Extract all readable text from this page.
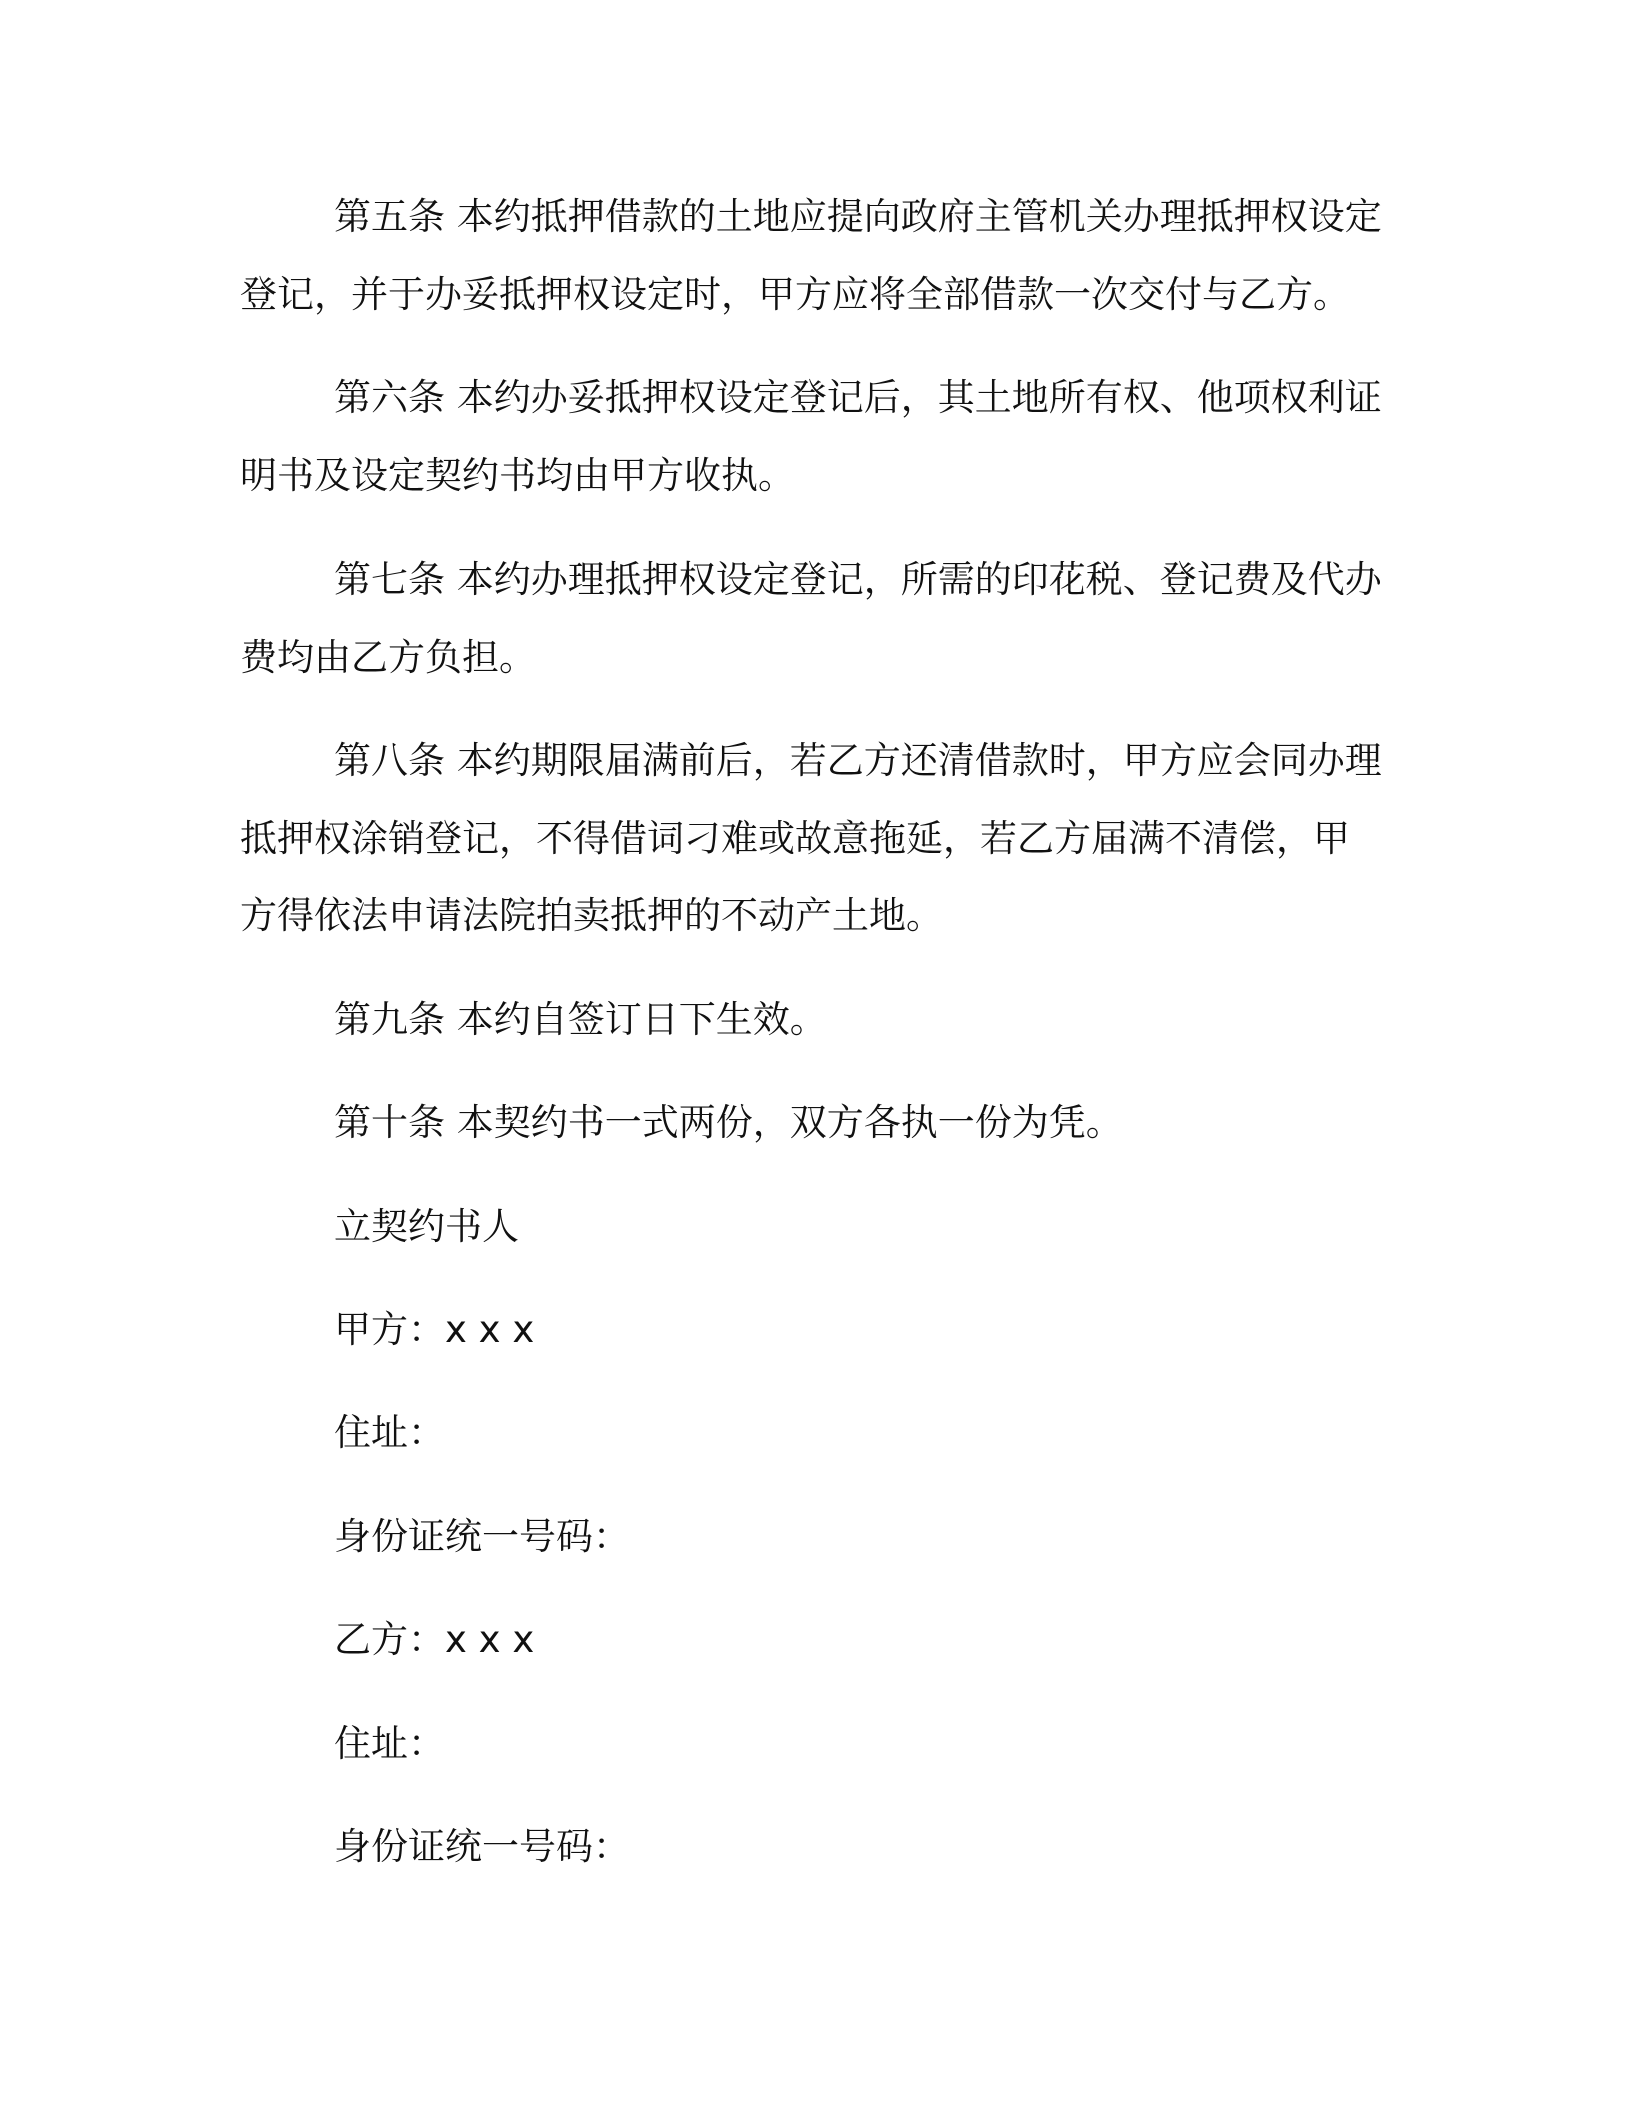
第五条 本约抵押借款的土地应提向政府主管机关办理抵押权设定
登记，并于办妥抵押权设定时，甲方应将全部借款一次交付与乙方。
第六条 本约办妥抵押权设定登记后，其土地所有权、他项权利证
明书及设定契约书均由甲方收执。
第七条 本约办理抵押权设定登记，所需的印花税、登记费及代办
费均由乙方负担。
第八条 本约期限届满前后，若乙方还清借款时，甲方应会同办理
抵押权涂销登记，不得借词刁难或故意拖延，若乙方届满不清偿，甲
方得依法申请法院拍卖抵押的不动产土地。
第九条 本约自签订日下生效。
第十条 本契约书一式两份，双方各执一份为凭。
立契约书人
甲方：x x x
住址：
身份证统一号码：
乙方：x x x
住址：
身份证统一号码：
